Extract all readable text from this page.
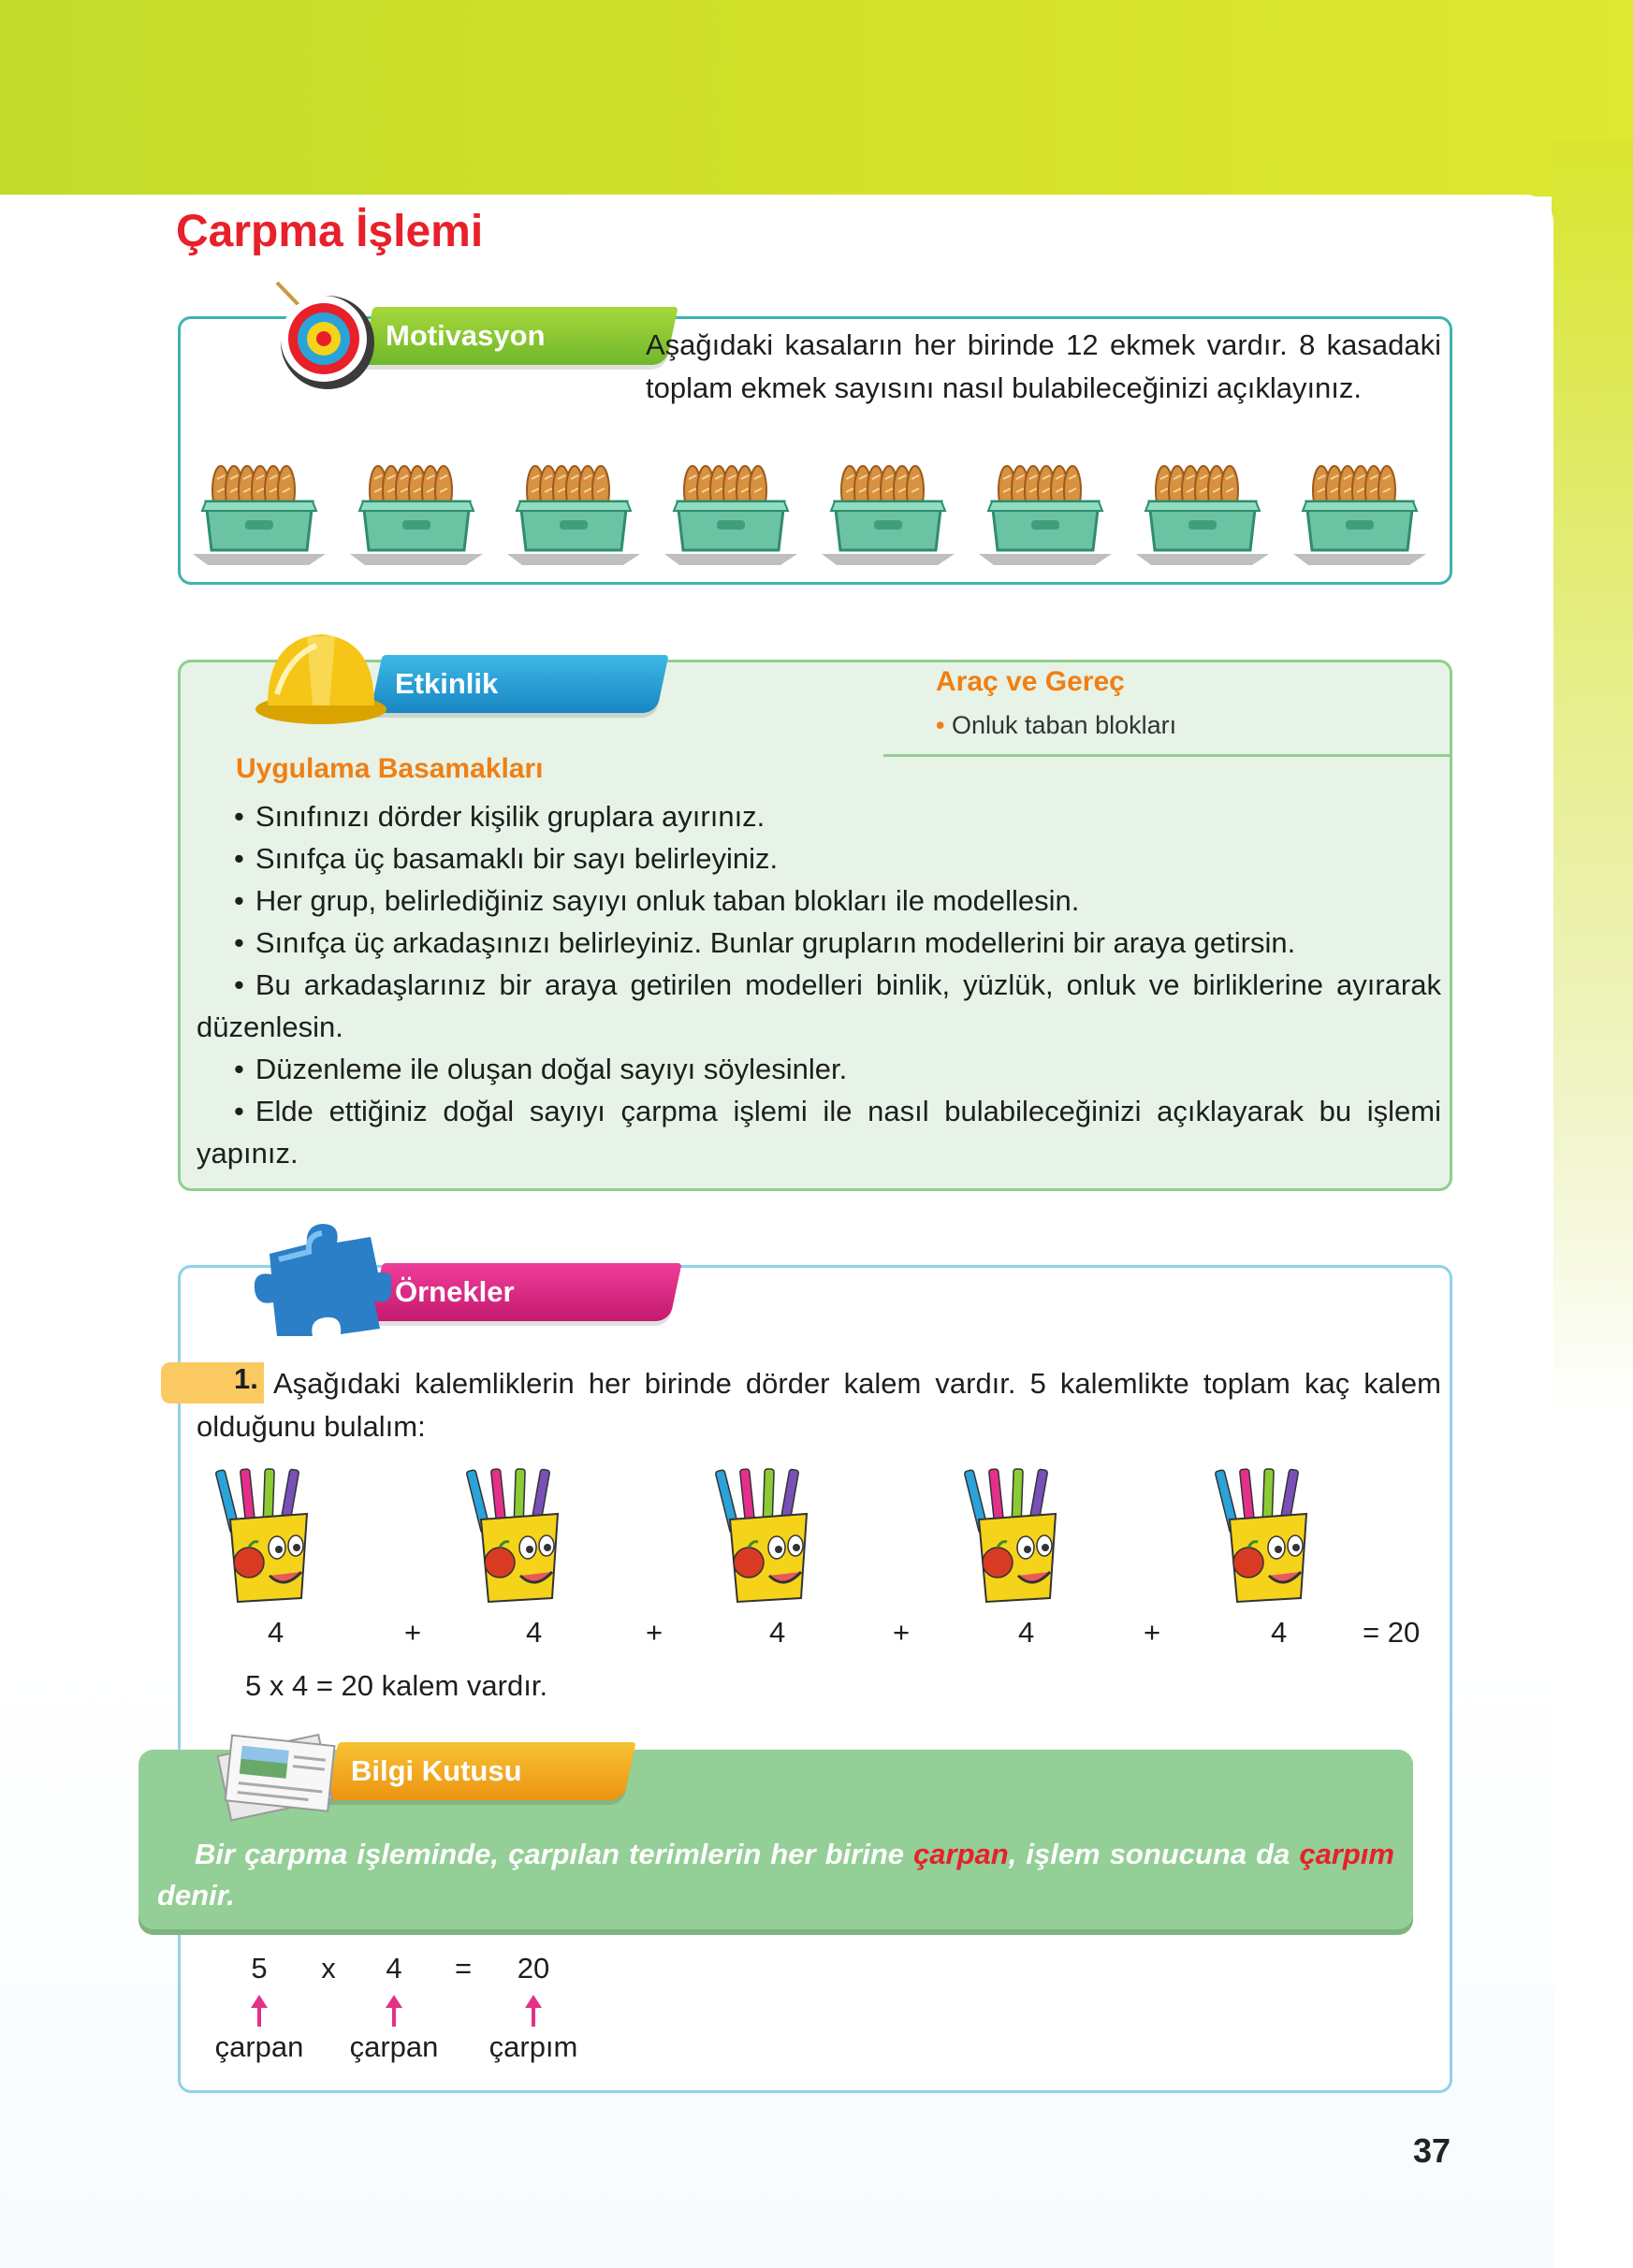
Çarpma İşlemi
Motivasyon	Aşağıdaki kasaların her birinde 12 ekmek vardır. 8 kasadaki toplam ekmek sayısını nasıl bulabileceğinizi açıklayınız.

Etkinlik	Araç ve Gereç

• Onluk taban blokları

Uygulama Basamakları

• Sınıfınızı dörder kişilik gruplara ayırınız.
• Sınıfça üç basamaklı bir sayı belirleyiniz.
• Her grup, belirlediğiniz sayıyı onluk taban blokları ile modellesin.
• Sınıfça üç arkadaşınızı belirleyiniz. Bunlar grupların modellerini bir araya getirsin.
• Bu arkadaşlarınız bir araya getirilen modelleri binlik, yüzlük, onluk ve birliklerine ayırarak düzenlesin.
• Düzenleme ile oluşan doğal sayıyı söylesinler.
• Elde ettiğiniz doğal sayıyı çarpma işlemi ile nasıl bulabileceğinizi açıklayarak bu işlemi yapınız.
Örnekler

Aşağıdaki kalemliklerin her birinde dörder kalem vardır. 5 kalemlikte toplam kaç kalem olduğunu bulalım:

1.
4	+	4	+	4	+	4	+	4	= 20
5 x 4 = 20 kalem vardır.
Bilgi Kutusu

Bir çarpma işleminde, çarpılan terimlerin her birine çarpan, işlem sonucuna da çarpım denir.

5 x 4 =	20
çarpan	çarpan	çarpım
37
